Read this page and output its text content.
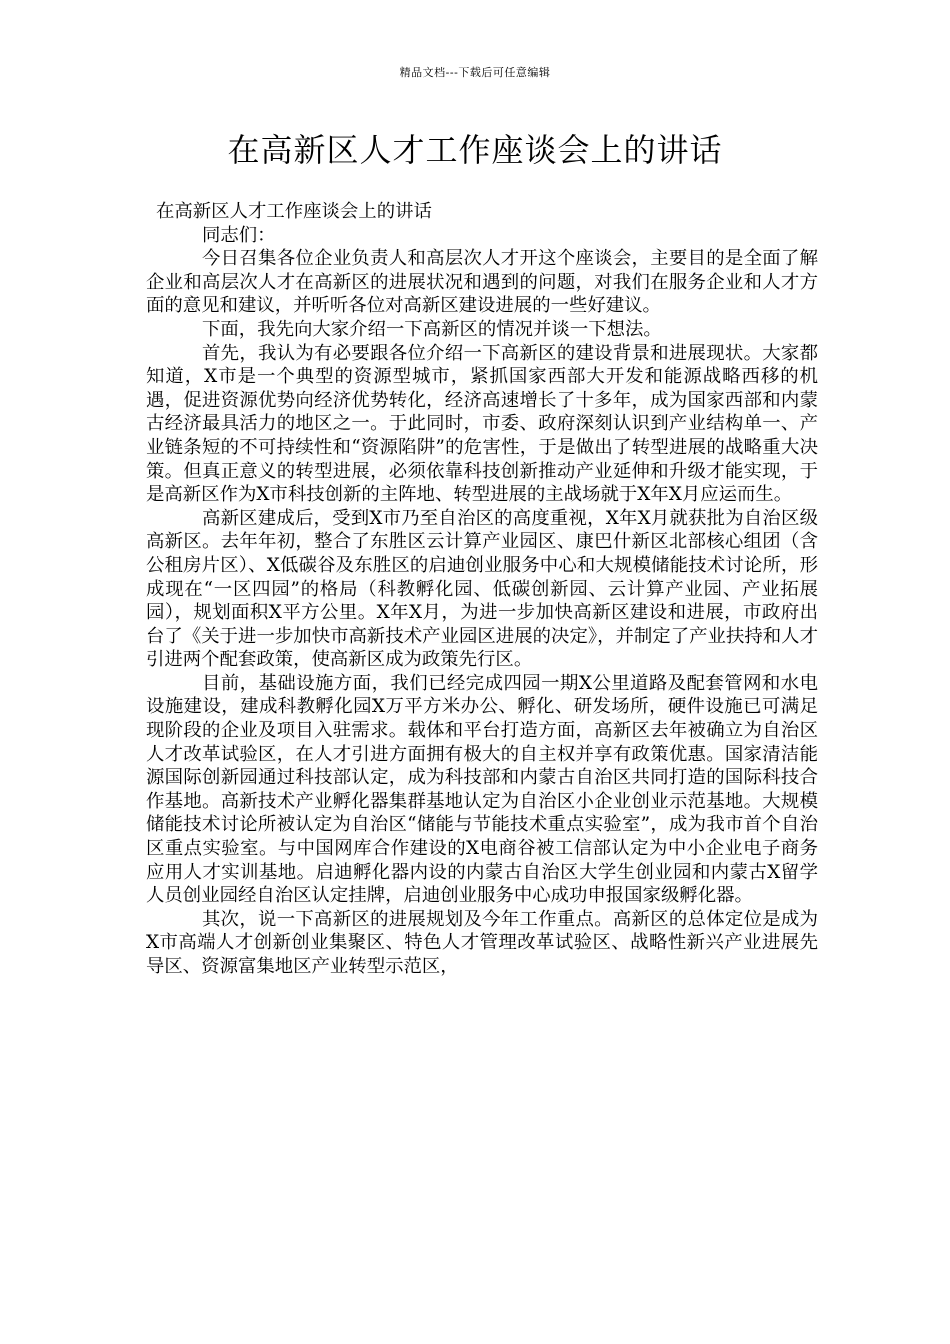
精品文档---下载后可任意编辑
在高新区人才工作座谈会上的讲话

在高新区人才工作座谈会上的讲话

同志们：

今日召集各位企业负责人和高层次人才开这个座谈会，主要目的是全面了解企业和高层次人才在高新区的进展状况和遇到的问题，对我们在服务企业和人才方面的意见和建议，并听听各位对高新区建设进展的一些好建议。

下面，我先向大家介绍一下高新区的情况并谈一下想法。

首先，我认为有必要跟各位介绍一下高新区的建设背景和进展现状。大家都知道，X市是一个典型的资源型城市，紧抓国家西部大开发和能源战略西移的机遇，促进资源优势向经济优势转化，经济高速增长了十多年，成为国家西部和内蒙古经济最具活力的地区之一。于此同时，市委、政府深刻认识到产业结构单一、产业链条短的不可持续性和“资源陷阱”的危害性，于是做出了转型进展的战略重大决策。但真正意义的转型进展，必须依靠科技创新推动产业延伸和升级才能实现，于是高新区作为X市科技创新的主阵地、转型进展的主战场就于X年X月应运而生。

高新区建成后，受到X市乃至自治区的高度重视，X年X月就获批为自治区级高新区。去年年初，整合了东胜区云计算产业园区、康巴什新区北部核心组团（含公租房片区）、X低碳谷及东胜区的启迪创业服务中心和大规模储能技术讨论所，形成现在“一区四园”的格局（科教孵化园、低碳创新园、云计算产业园、产业拓展园），规划面积X平方公里。X年X月，为进一步加快高新区建设和进展，市政府出台了《关于进一步加快市高新技术产业园区进展的决定》，并制定了产业扶持和人才引进两个配套政策，使高新区成为政策先行区。

目前，基础设施方面，我们已经完成四园一期X公里道路及配套管网和水电设施建设，建成科教孵化园X万平方米办公、孵化、研发场所，硬件设施已可满足现阶段的企业及项目入驻需求。载体和平台打造方面，高新区去年被确立为自治区人才改革试验区，在人才引进方面拥有极大的自主权并享有政策优惠。国家清洁能源国际创新园通过科技部认定，成为科技部和内蒙古自治区共同打造的国际科技合作基地。高新技术产业孵化器集群基地认定为自治区小企业创业示范基地。大规模储能技术讨论所被认定为自治区“储能与节能技术重点实验室”，成为我市首个自治区重点实验室。与中国网库合作建设的X电商谷被工信部认定为中小企业电子商务应用人才实训基地。启迪孵化器内设的内蒙古自治区大学生创业园和内蒙古X留学人员创业园经自治区认定挂牌，启迪创业服务中心成功申报国家级孵化器。

其次，说一下高新区的进展规划及今年工作重点。高新区的总体定位是成为X市高端人才创新创业集聚区、特色人才管理改革试验区、战略性新兴产业进展先导区、资源富集地区产业转型示范区，
